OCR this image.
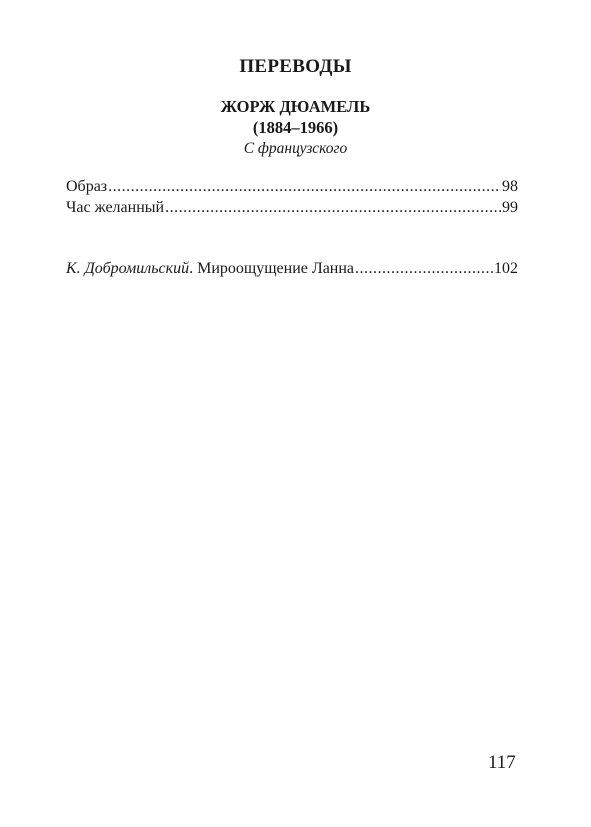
ПЕРЕВОДЫ
ЖОРЖ ДЮАМЕЛЬ
(1884–1966)
С французского
Образ .....	98
Час желанный .....	99
К. Добромильский. Мироощущение Ланна .....	102
117
